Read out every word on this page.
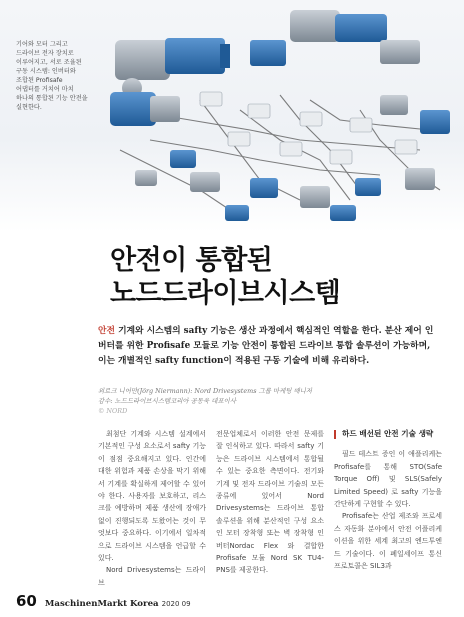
기어와 모터 그리고
드라이브 전자 장치로
이루어지고, 서로 조율된
구동 시스템: 인버터와
조합된 Profisafe
어댑터를 거치어 마치
하나의 통합된 기능 안전을
실현한다.
안전이 통합된
노드드라이브시스템
안전 기계와 시스템의 safty 기능은 생산 과정에서 핵심적인 역할을 한다. 분산 제어 인버터를 위한 Profisafe 모듈로 기능 안전이 통합된 드라이브 통합 솔루션이 가능하며, 이는 개별적인 safty function이 적용된 구동 기술에 비해 유리하다.
외르크 니어만(Jörg Niermann): Nord Drivesystems 그룹 마케팅 매니저
감수: 노드드라이브시스템코리아 공동욱 대표이사
© NORD

최첨단 기계와 시스템 설계에서 기본적인 구성 요소로서 safty 기능이 점점 중요해지고 있다. 인간에 대한 위험과 제품 손상을 막기 위해서 기계를 확실하게 제어할 수 있어야 한다. 사용자를 보호하고, 리스크를 예방하며 제품 생산에 장애가 없이 진행되도록 도왔어는 것이 무엇보다 중요하다. 이기에서 일차적으로 드라이브 시스템을 언급할 수 있다.

Nord Drivesystems는 드라이브

전문업체로서 이러한 안전 문제를 잘 인식하고 있다. 따라서 safty 기능은 드라이브 시스템에서 통합될 수 있는 중요한 측면이다. 전기와 기계 및 전자 드라이브 기술의 모든 종류에 있어서 Nord Drivesystems는 드라이브 통합 솔루션을 위해 분산적인 구성 요소인 모터 장착형 또는 벽 장착형 인버터Nordac Flex 와 결합한 Profisafe 모듈 Nord SK TU4-PNS를 제공한다.

하드 배선된 안전 기술 생략

필드 테스트 증인 이 애플리케는 Profisafe를 통해 STO(Safe Torque Off) 및 SLS(Safely Limited Speed) 로 safty 기능을 간단하게 구현할 수 있다.

Profisafe는 산업 제조와 프로세스 자동화 분야에서 안전 어플리케이션을 위한 세계 최고의 엔드투엔드 기술이다. 이 폐일세이프 통신 프로토콜은 SIL3과

60 MaschinenMarkt Korea 2020 09
